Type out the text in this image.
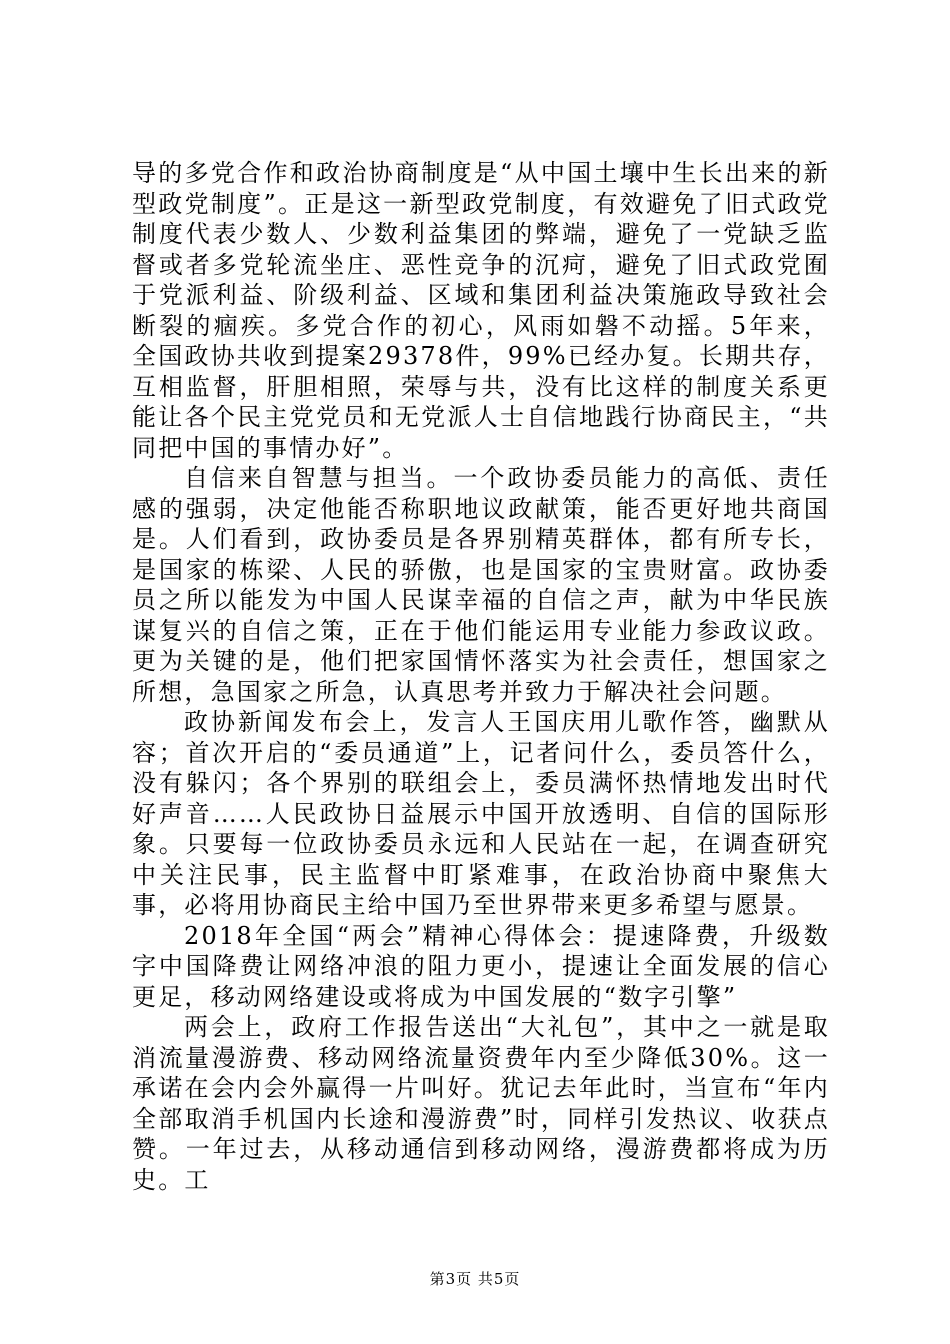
导的多党合作和政治协商制度是“从中国土壤中生长出来的新型政党制度”。正是这一新型政党制度，有效避免了旧式政党制度代表少数人、少数利益集团的弊端，避免了一党缺乏监督或者多党轮流坐庄、恶性竞争的沉疴，避免了旧式政党囿于党派利益、阶级利益、区域和集团利益决策施政导致社会断裂的痼疾。多党合作的初心，风雨如磐不动摇。5年来，全国政协共收到提案29378件，99%已经办复。长期共存，互相监督，肝胆相照，荣辱与共，没有比这样的制度关系更能让各个民主党党员和无党派人士自信地践行协商民主，“共同把中国的事情办好”。

自信来自智慧与担当。一个政协委员能力的高低、责任感的强弱，决定他能否称职地议政献策，能否更好地共商国是。人们看到，政协委员是各界别精英群体，都有所专长，是国家的栋梁、人民的骄傲，也是国家的宝贵财富。政协委员之所以能发为中国人民谋幸福的自信之声，献为中华民族谋复兴的自信之策，正在于他们能运用专业能力参政议政。更为关键的是，他们把家国情怀落实为社会责任，想国家之所想，急国家之所急，认真思考并致力于解决社会问题。

政协新闻发布会上，发言人王国庆用儿歌作答，幽默从容；首次开启的“委员通道”上，记者问什么，委员答什么，没有躲闪；各个界别的联组会上，委员满怀热情地发出时代好声音……人民政协日益展示中国开放透明、自信的国际形象。只要每一位政协委员永远和人民站在一起，在调查研究中关注民事，民主监督中盯紧难事，在政治协商中聚焦大事，必将用协商民主给中国乃至世界带来更多希望与愿景。

2018年全国“两会”精神心得体会：提速降费，升级数字中国降费让网络冲浪的阻力更小，提速让全面发展的信心更足，移动网络建设或将成为中国发展的“数字引擎”

两会上，政府工作报告送出“大礼包”，其中之一就是取消流量漫游费、移动网络流量资费年内至少降低30%。这一承诺在会内会外赢得一片叫好。犹记去年此时，当宣布“年内全部取消手机国内长途和漫游费”时，同样引发热议、收获点赞。一年过去，从移动通信到移动网络，漫游费都将成为历史。工

第3页 共5页
